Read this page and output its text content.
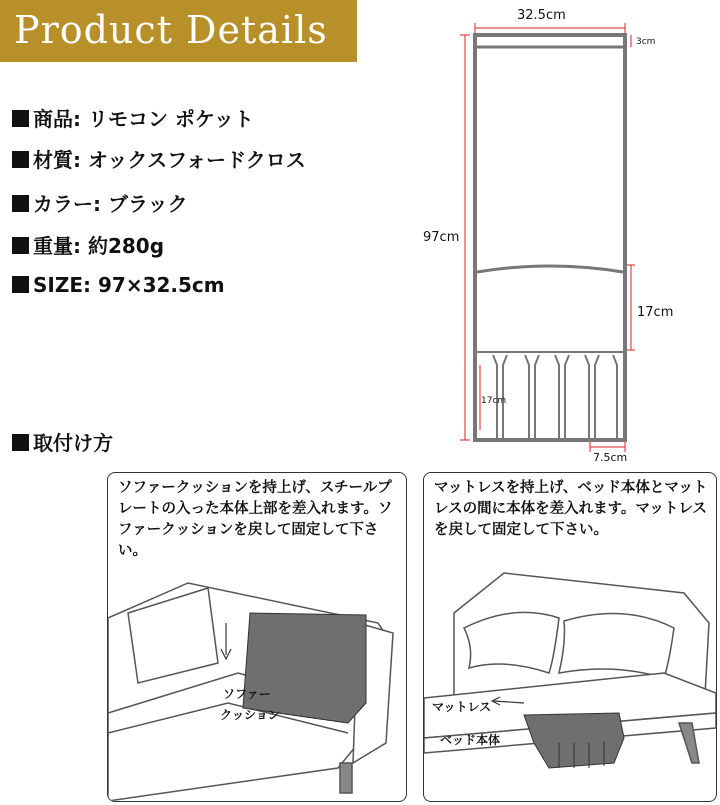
Product Details
商品: リモコン ポケット
材質: オックスフォードクロス
カラー: ブラック
重量: 約280g
SIZE: 97×32.5cm
32.5cm
3cm
97cm
17cm
17cm
7.5cm
取付け方
ソファークッションを持上げ、スチールプレートの入った本体上部を差入れます。ソファークッションを戻して固定して下さい。
ソファー
クッション
マットレスを持上げ、ベッド本体とマットレスの間に本体を差入れます。マットレスを戻して固定して下さい。
マットレス
ベッド本体
